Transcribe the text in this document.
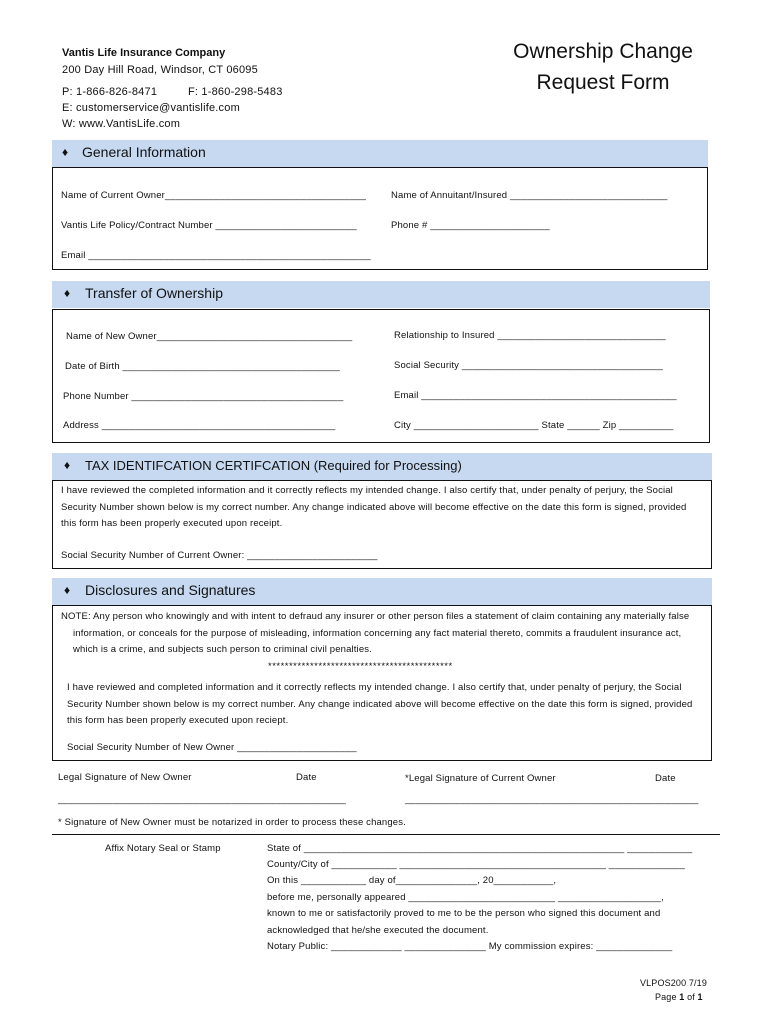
Vantis Life Insurance Company
200 Day Hill Road, Windsor, CT 06095
P: 1-866-826-8471	F: 1-860-298-5483
E: customerservice@vantislife.com
W: www.VantisLife.com
Ownership Change
Request Form
♦ General Information
Name of Current Owner_____________________________________	Name of Annuitant/Insured _____________________________
Vantis Life Policy/Contract Number __________________________	Phone # ______________________
Email ____________________________________________________
♦ Transfer of Ownership
Name of New Owner____________________________________	Relationship to Insured _______________________________
Date of Birth ________________________________________	Social Security _____________________________________
Phone Number _______________________________________	Email _______________________________________________
Address ___________________________________________	City _______________________ State ______ Zip __________
♦ TAX IDENTIFCATION CERTIFCATION (Required for Processing)
I have reviewed the completed information and it correctly reflects my intended change. I also certify that, under penalty of perjury, the Social Security Number shown below is my correct number. Any change indicated above will become effective on the date this form is signed, provided this form has been properly executed upon receipt.
Social Security Number of Current Owner: ________________________
♦ Disclosures and Signatures
NOTE: Any person who knowingly and with intent to defraud any insurer or other person files a statement of claim containing any materially false information, or conceals for the purpose of misleading, information concerning any fact material thereto, commits a fraudulent insurance act, which is a crime, and subjects such person to criminal civil penalties.
********************************************
I have reviewed and completed information and it correctly reflects my intended change. I also certify that, under penalty of perjury, the Social Security Number shown below is my correct number. Any change indicated above will become effective on the date this form is signed, provided this form has been properly executed upon reciept.
Social Security Number of New Owner ______________________
Legal Signature of New Owner	Date	*Legal Signature of Current Owner	Date
_____________________________________________________	______________________________________________________
* Signature of New Owner must be notarized in order to process these changes.
Affix Notary Seal or Stamp	State of ___________________________________________________________ ____________
County/City of ____________ ______________________________________ ______________
On this ____________ day of_______________, 20___________,
before me, personally appeared ___________________________ ___________________,
known to me or satisfactorily proved to me to be the person who signed this document and
acknowledged that he/she executed the document.
Notary Public: _____________ _______________ My commission expires: ______________
VLPOS200 7/19
Page 1 of 1
